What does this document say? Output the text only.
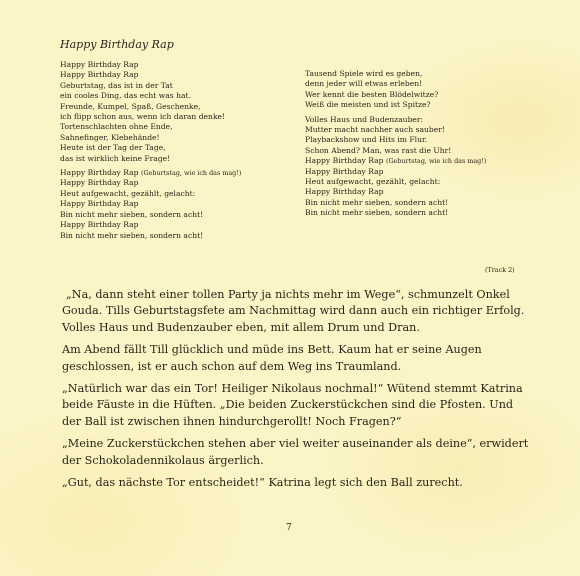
Happy Birthday Rap
Happy Birthday Rap
Happy Birthday Rap
Geburtstag, das ist in der Tat
ein cooles Ding, das echt was hat.
Freunde, Kumpel, Spaß, Geschenke,
ich flipp schon aus, wenn ich daran denke!
Tortenschlachten ohne Ende,
Sahnefinger, Klebehände!
Heute ist der Tag der Tage,
das ist wirklich keine Frage!
Happy Birthday Rap (Geburtstag, wie ich das mag!)
Happy Birthday Rap
Heut aufgewacht, gezählt, gelacht:
Happy Birthday Rap
Bin nicht mehr sieben, sondern acht!
Happy Birthday Rap
Bin nicht mehr sieben, sondern acht!
Tausend Spiele wird es geben,
denn jeder will etwas erleben!
Wer kennt die besten Blödelwitze?
Weiß die meisten und ist Spitze?
Volles Haus und Budenzauber:
Mutter macht nachher auch sauber!
Playbackshow und Hits im Flur.
Schon Abend? Man, was rast die Uhr!
Happy Birthday Rap (Geburtstag, wie ich das mag!)
Happy Birthday Rap
Heut aufgewacht, gezählt, gelacht:
Happy Birthday Rap
Bin nicht mehr sieben, sondern acht!
Bin nicht mehr sieben, sondern acht!
(Track 2)

„Na, dann steht einer tollen Party ja nichts mehr im Wege“, schmunzelt Onkel Gouda. Tills Geburtstagsfete am Nachmittag wird dann auch ein richtiger Erfolg. Volles Haus und Budenzauber eben, mit allem Drum und Dran.

Am Abend fällt Till glücklich und müde ins Bett. Kaum hat er seine Augen geschlossen, ist er auch schon auf dem Weg ins Traumland.

„Natürlich war das ein Tor! Heiliger Nikolaus nochmal!“ Wütend stemmt Katrina beide Fäuste in die Hüften. „Die beiden Zuckerstückchen sind die Pfosten. Und der Ball ist zwischen ihnen hindurchgerollt! Noch Fragen?“

„Meine Zuckerstückchen stehen aber viel weiter auseinander als deine“, erwidert der Schokoladennikolaus ärgerlich.

„Gut, das nächste Tor entscheidet!“ Katrina legt sich den Ball zurecht.

7
